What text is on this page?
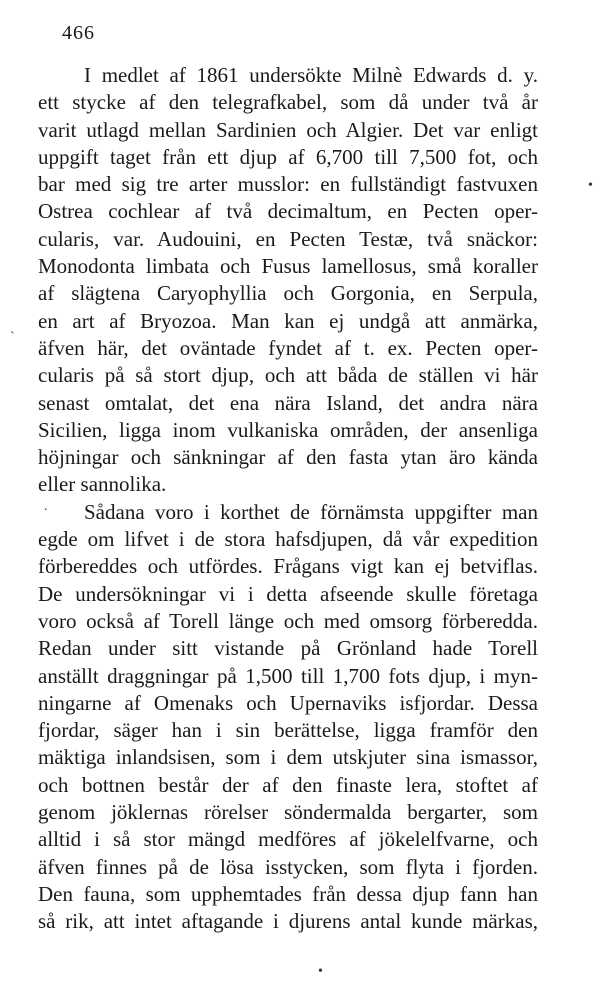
466
•
`
.
•
I medlet af 1861 undersökte Milnè Edwards d. y.
ett stycke af den telegrafkabel, som då under två år
varit utlagd mellan Sardinien och Algier. Det var enligt
uppgift taget från ett djup af 6,700 till 7,500 fot, och
bar med sig tre arter musslor: en fullständigt fastvuxen
Ostrea cochlear af två decimaltum, en Pecten oper-
cularis, var. Audouini, en Pecten Testæ, två snäckor:
Monodonta limbata och Fusus lamellosus, små koraller
af slägtena Caryophyllia och Gorgonia, en Serpula,
en art af Bryozoa. Man kan ej undgå att anmärka,
äfven här, det oväntade fyndet af t. ex. Pecten oper-
cularis på så stort djup, och att båda de ställen vi här
senast omtalat, det ena nära Island, det andra nära
Sicilien, ligga inom vulkaniska områden, der ansenliga
höjningar och sänkningar af den fasta ytan äro kända
eller sannolika.
Sådana voro i korthet de förnämsta uppgifter man
egde om lifvet i de stora hafsdjupen, då vår expedition
förbereddes och utfördes. Frågans vigt kan ej betviflas.
De undersökningar vi i detta afseende skulle företaga
voro också af Torell länge och med omsorg förberedda.
Redan under sitt vistande på Grönland hade Torell
anställt draggningar på 1,500 till 1,700 fots djup, i myn-
ningarne af Omenaks och Upernaviks isfjordar. Dessa
fjordar, säger han i sin berättelse, ligga framför den
mäktiga inlandsisen, som i dem utskjuter sina ismassor,
och bottnen består der af den finaste lera, stoftet af
genom jöklernas rörelser söndermalda bergarter, som
alltid i så stor mängd medföres af jökelelfvarne, och
äfven finnes på de lösa isstycken, som flyta i fjorden.
Den fauna, som upphemtades från dessa djup fann han
så rik, att intet aftagande i djurens antal kunde märkas,
